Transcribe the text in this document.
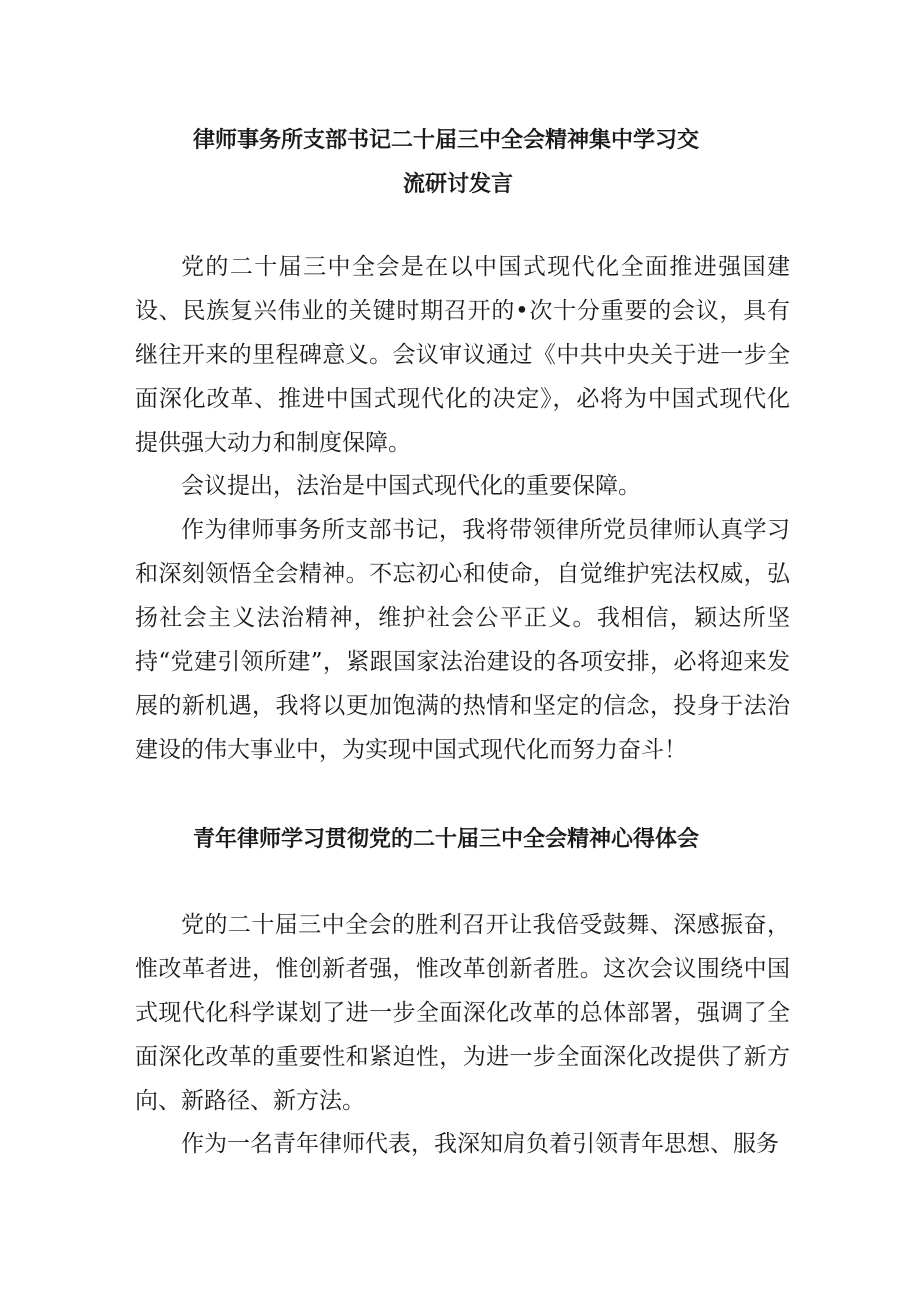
律师事务所支部书记二十届三中全会精神集中学习交
流研讨发言

党的二十届三中全会是在以中国式现代化全面推进强国建设、民族复兴伟业的关键时期召开的•次十分重要的会议，具有继往开来的里程碑意义。会议审议通过《中共中央关于进一步全面深化改革、推进中国式现代化的决定》，必将为中国式现代化提供强大动力和制度保障。

会议提出，法治是中国式现代化的重要保障。

作为律师事务所支部书记，我将带领律所党员律师认真学习和深刻领悟全会精神。不忘初心和使命，自觉维护宪法权威，弘扬社会主义法治精神，维护社会公平正义。我相信，颖达所坚持“党建引领所建”，紧跟国家法治建设的各项安排，必将迎来发展的新机遇，我将以更加饱满的热情和坚定的信念，投身于法治建设的伟大事业中，为实现中国式现代化而努力奋斗！

青年律师学习贯彻党的二十届三中全会精神心得体会

党的二十届三中全会的胜利召开让我倍受鼓舞、深感振奋，惟改革者进，惟创新者强，惟改革创新者胜。这次会议围绕中国式现代化科学谋划了进一步全面深化改革的总体部署，强调了全面深化改革的重要性和紧迫性，为进一步全面深化改提供了新方向、新路径、新方法。

作为一名青年律师代表，我深知肩负着引领青年思想、服务
